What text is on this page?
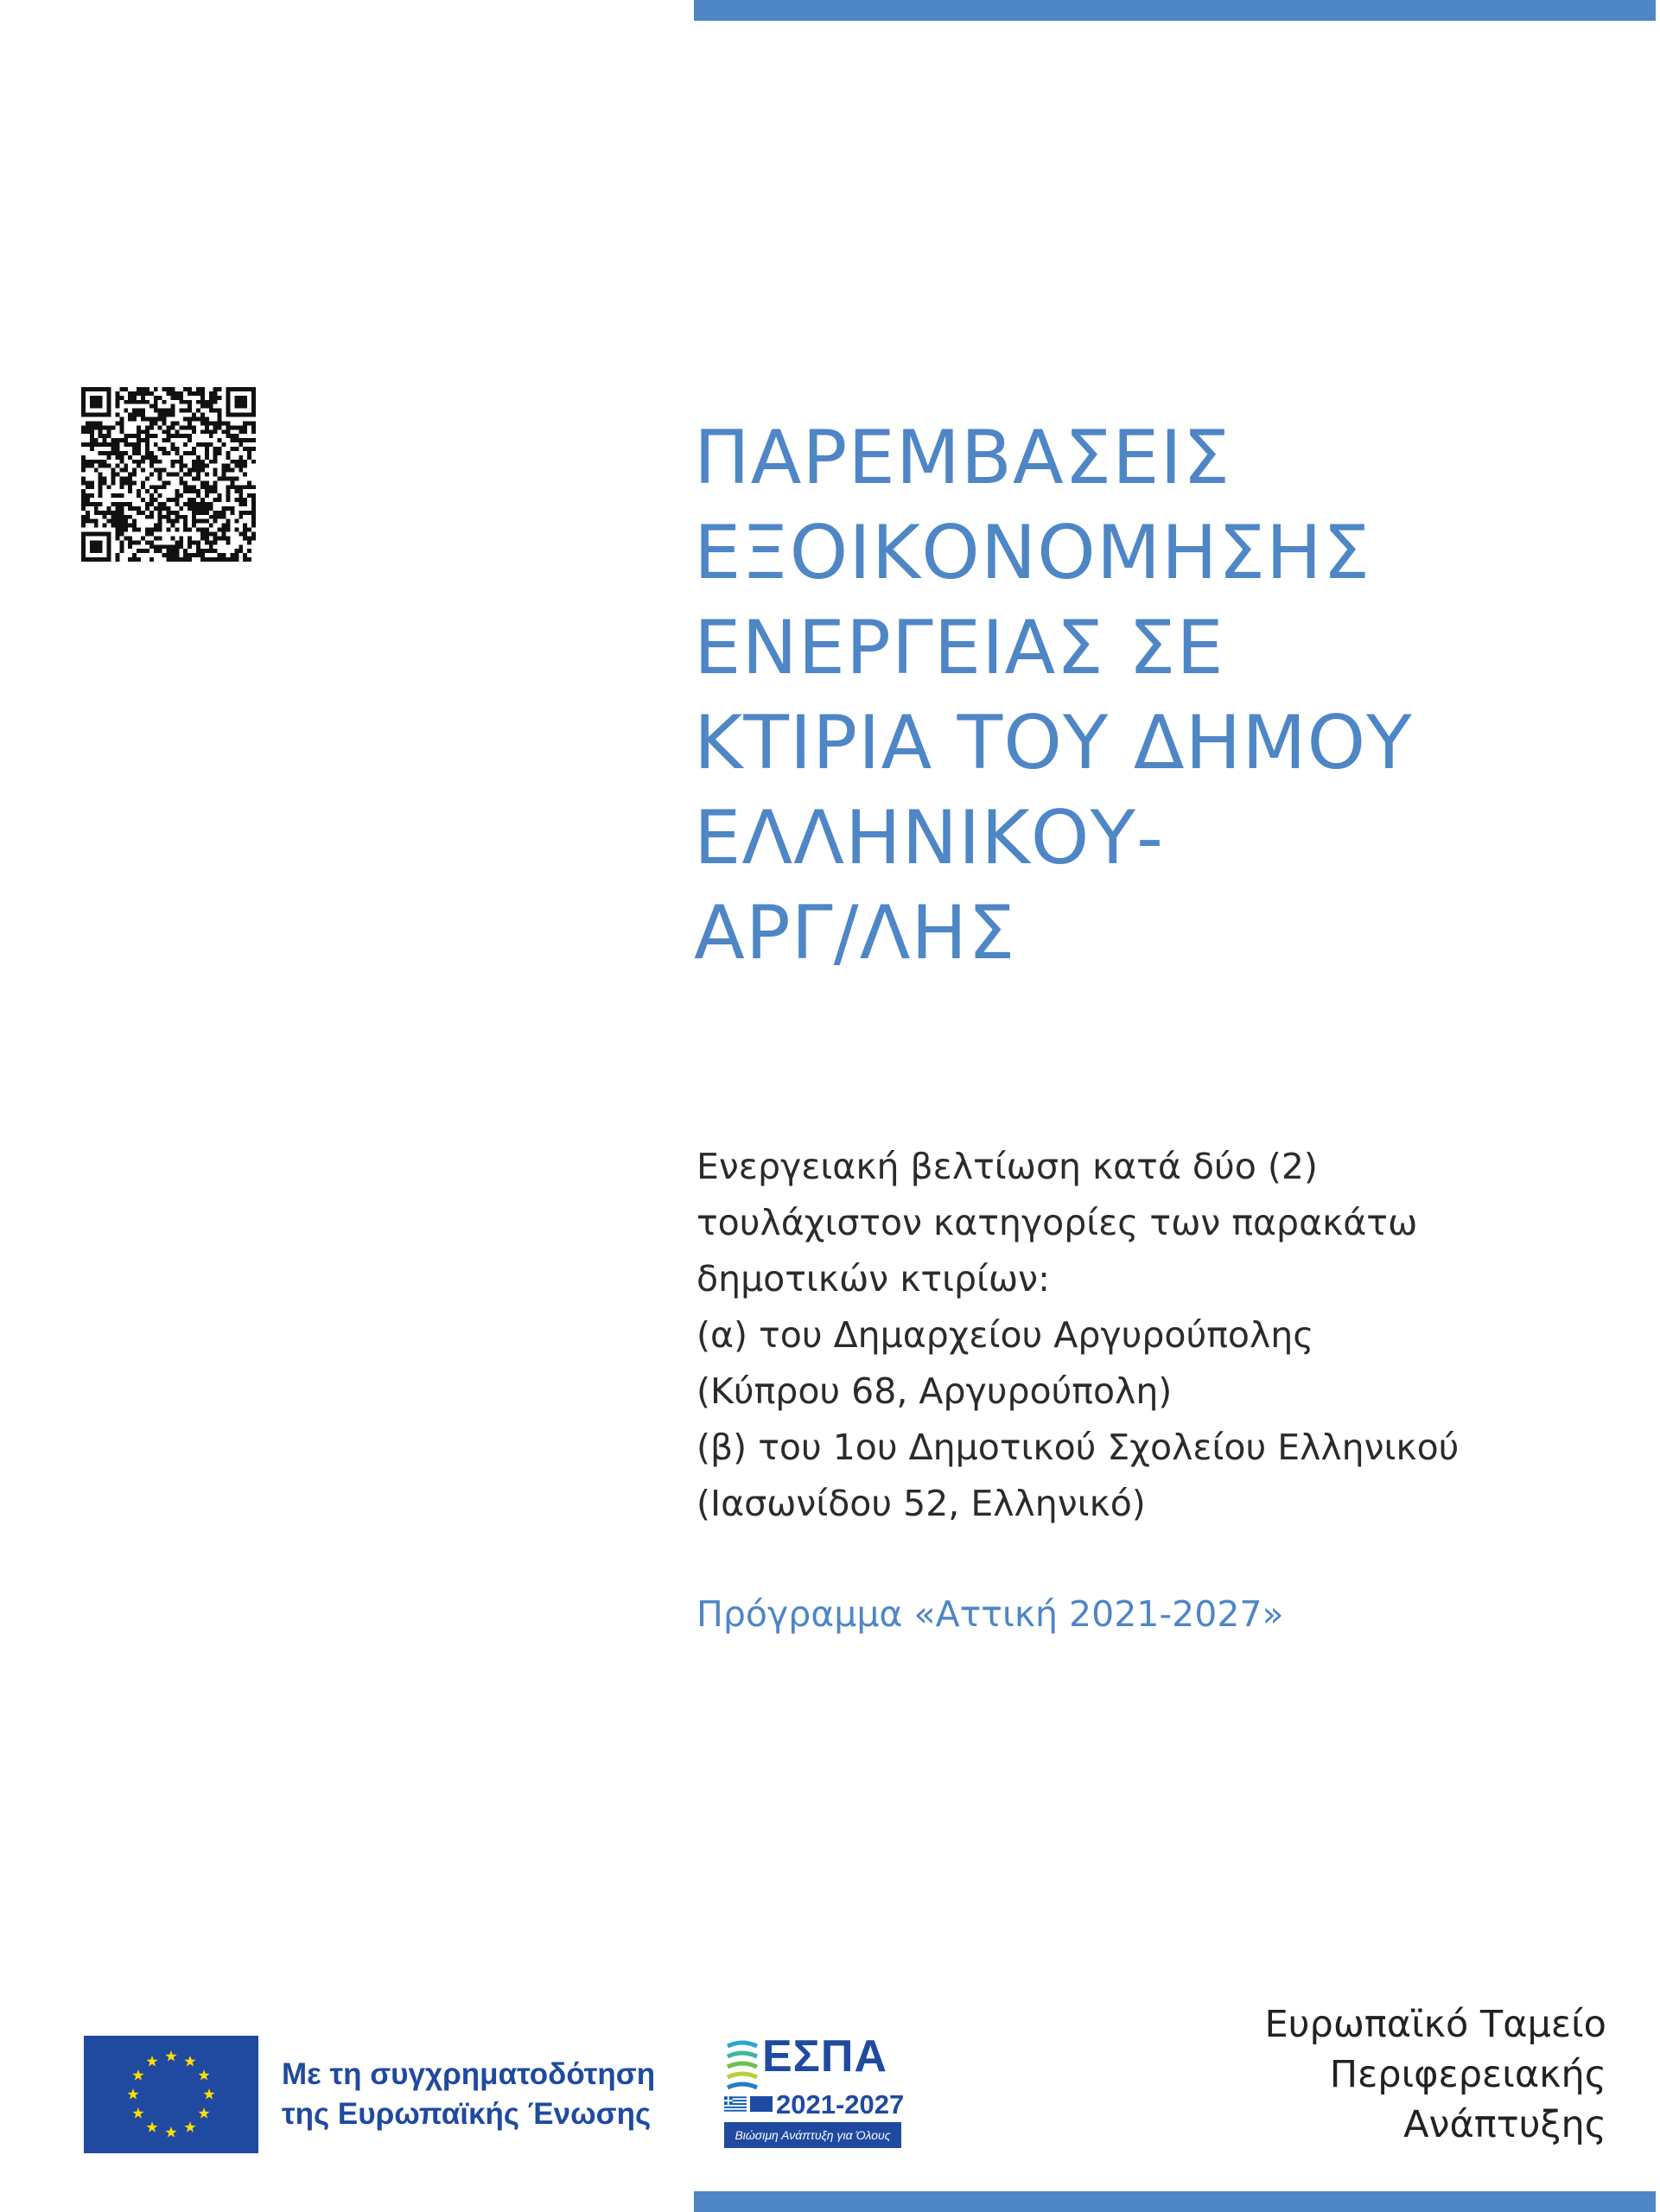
ΠΑΡΕΜΒΑΣΕΙΣ
ΕΞΟΙΚΟΝΟΜΗΣΗΣ
ΕΝΕΡΓΕΙΑΣ ΣΕ
ΚΤΙΡΙΑ ΤΟΥ ΔΗΜΟΥ
ΕΛΛΗΝΙΚΟΥ-
ΑΡΓ/ΛΗΣ

Ενεργειακή βελτίωση κατά δύο (2)
τουλάχιστον κατηγορίες των παρακάτω
δημοτικών κτιρίων:
(α) του Δημαρχείου Αργυρούπολης
(Κύπρου 68, Αργυρούπολη)
(β) του 1ου Δημοτικού Σχολείου Ελληνικού
(Ιασωνίδου 52, Ελληνικό)

Πρόγραμμα «Αττική 2021-2027»

Με τη συγχρηματοδότηση
της Ευρωπαϊκής Ένωσης

ΕΣΠΑ
2021-2027
Βιώσιμη Ανάπτυξη για Όλους

Ευρωπαϊκό Ταμείο
Περιφερειακής
Ανάπτυξης
